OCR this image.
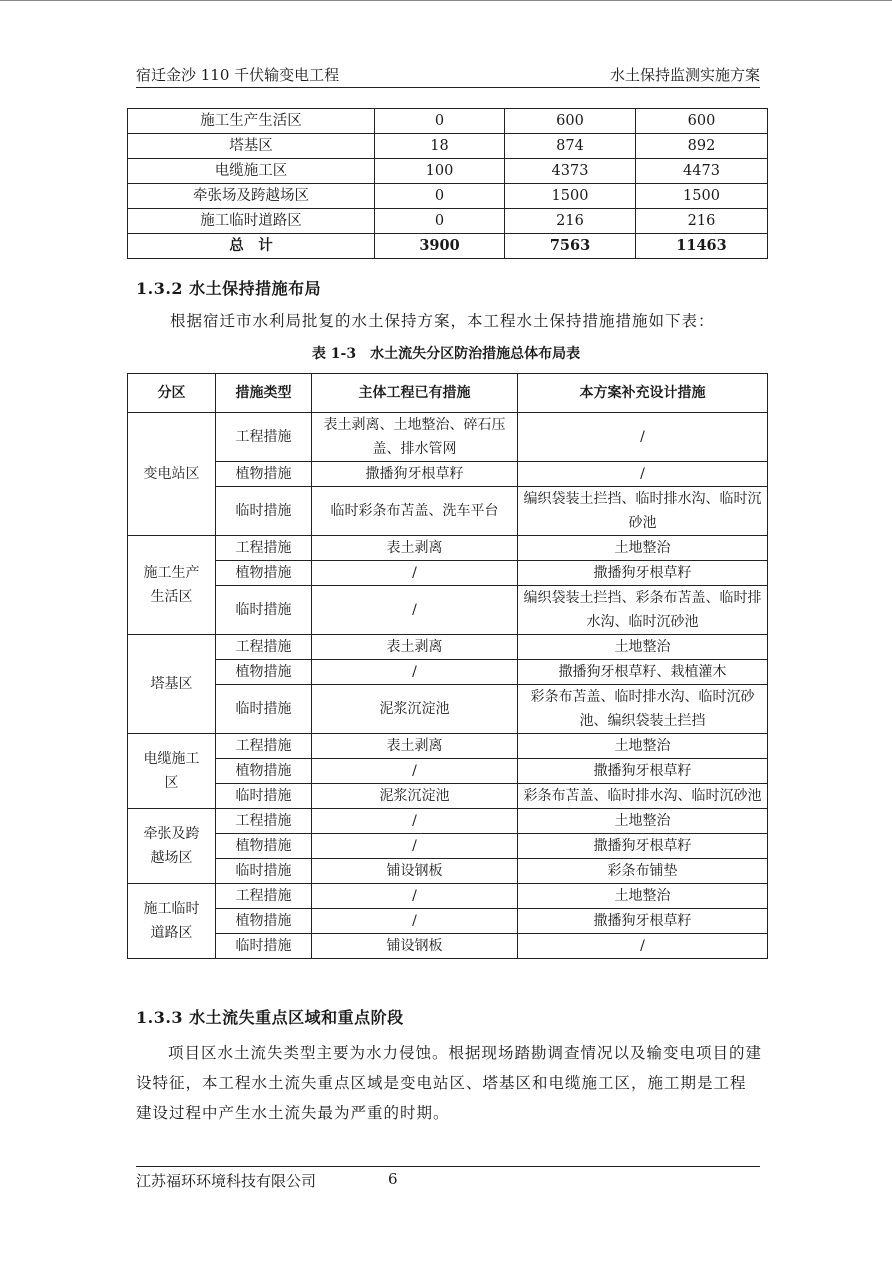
宿迁金沙 110 千伏输变电工程	水土保持监测实施方案
施工生产生活区	0	600	600
塔基区	18	874	892
电缆施工区	100	4373	4473
牵张场及跨越场区	0	1500	1500
施工临时道路区	0	216	216
总　计	3900	7563	11463
1.3.2 水土保持措施布局
根据宿迁市水利局批复的水土保持方案，本工程水土保持措施措施如下表：
表 1-3　水土流失分区防治措施总体布局表
分区	措施类型	主体工程已有措施	本方案补充设计措施
变电站区	工程措施	表土剥离、土地整治、碎石压盖、排水管网	/
	植物措施	撒播狗牙根草籽	/
	临时措施	临时彩条布苫盖、洗车平台	编织袋装土拦挡、临时排水沟、临时沉砂池
施工生产生活区	工程措施	表土剥离	土地整治
	植物措施	/	撒播狗牙根草籽
	临时措施	/	编织袋装土拦挡、彩条布苫盖、临时排水沟、临时沉砂池
塔基区	工程措施	表土剥离	土地整治
	植物措施	/	撒播狗牙根草籽、栽植灌木
	临时措施	泥浆沉淀池	彩条布苫盖、临时排水沟、临时沉砂池、编织袋装土拦挡
电缆施工区	工程措施	表土剥离	土地整治
	植物措施	/	撒播狗牙根草籽
	临时措施	泥浆沉淀池	彩条布苫盖、临时排水沟、临时沉砂池
牵张及跨越场区	工程措施	/	土地整治
	植物措施	/	撒播狗牙根草籽
	临时措施	铺设钢板	彩条布铺垫
施工临时道路区	工程措施	/	土地整治
	植物措施	/	撒播狗牙根草籽
	临时措施	铺设钢板	/
1.3.3 水土流失重点区域和重点阶段
项目区水土流失类型主要为水力侵蚀。根据现场踏勘调查情况以及输变电项目的建设特征，本工程水土流失重点区域是变电站区、塔基区和电缆施工区，施工期是工程建设过程中产生水土流失最为严重的时期。
江苏福环环境科技有限公司	6
